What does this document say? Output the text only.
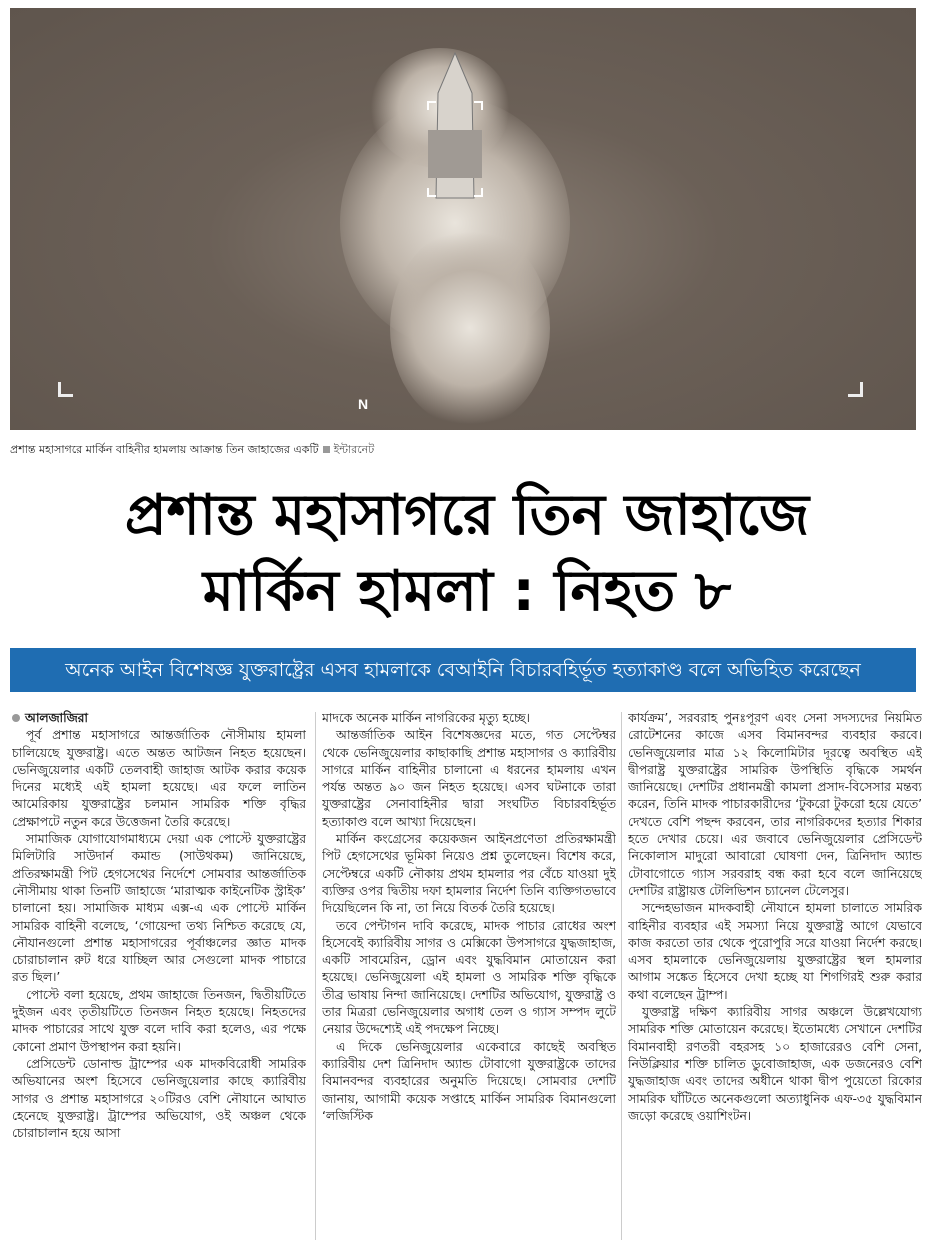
N
প্রশান্ত মহাসাগরে মার্কিন বাহিনীর হামলায় আক্রান্ত তিন জাহাজের একটি ইন্টারনেট
প্রশান্ত মহাসাগরে তিন জাহাজে
মার্কিন হামলা : নিহত ৮
অনেক আইন বিশেষজ্ঞ যুক্তরাষ্ট্রের এসব হামলাকে বেআইনি বিচারবহির্ভূত হত্যাকাণ্ড বলে অভিহিত করেছেন

আলজাজিরা

পূর্ব প্রশান্ত মহাসাগরে আন্তর্জাতিক নৌসীমায় হামলা চালিয়েছে যুক্তরাষ্ট্র। এতে অন্তত আটজন নিহত হয়েছেন। ভেনিজুয়েলার একটি তেলবাহী জাহাজ আটক করার কয়েক দিনের মধ্যেই এই হামলা হয়েছে। এর ফলে লাতিন আমেরিকায় যুক্তরাষ্ট্রের চলমান সামরিক শক্তি বৃদ্ধির প্রেক্ষাপটে নতুন করে উত্তেজনা তৈরি করেছে।

সামাজিক যোগাযোগমাধ্যমে দেয়া এক পোস্টে যুক্তরাষ্ট্রের মিলিটারি সাউদার্ন কমান্ড (সাউথকম) জানিয়েছে, প্রতিরক্ষামন্ত্রী পিট হেগসেথের নির্দেশে সোমবার আন্তর্জাতিক নৌসীমায় থাকা তিনটি জাহাজে ‘মারাত্মক কাইনেটিক স্ট্রাইক’ চালানো হয়। সামাজিক মাধ্যম এক্স-এ এক পোস্টে মার্কিন সামরিক বাহিনী বলেছে, ‘গোয়েন্দা তথ্য নিশ্চিত করেছে যে, নৌযানগুলো প্রশান্ত মহাসাগরের পূর্বাঞ্চলের জ্ঞাত মাদক চোরাচালান রুট ধরে যাচ্ছিল আর সেগুলো মাদক পাচারে রত ছিল।’

পোস্টে বলা হয়েছে, প্রথম জাহাজে তিনজন, দ্বিতীয়টিতে দুইজন এবং তৃতীয়টিতে তিনজন নিহত হয়েছে। নিহতদের মাদক পাচারের সাথে যুক্ত বলে দাবি করা হলেও, এর পক্ষে কোনো প্রমাণ উপস্থাপন করা হয়নি।

প্রেসিডেন্ট ডোনাল্ড ট্রাম্পের এক মাদকবিরোধী সামরিক অভিযানের অংশ হিসেবে ভেনিজুয়েলার কাছে ক্যারিবীয় সাগর ও প্রশান্ত মহাসাগরে ২০টিরও বেশি নৌযানে আঘাত হেনেছে যুক্তরাষ্ট্র। ট্রাম্পের অভিযোগ, ওই অঞ্চল থেকে চোরাচালান হয়ে আসা

মাদকে অনেক মার্কিন নাগরিকের মৃত্যু হচ্ছে।

আন্তর্জাতিক আইন বিশেষজ্ঞদের মতে, গত সেপ্টেম্বর থেকে ভেনিজুয়েলার কাছাকাছি প্রশান্ত মহাসাগর ও ক্যারিবীয় সাগরে মার্কিন বাহিনীর চালানো এ ধরনের হামলায় এখন পর্যন্ত অন্তত ৯০ জন নিহত হয়েছে। এসব ঘটনাকে তারা যুক্তরাষ্ট্রের সেনাবাহিনীর দ্বারা সংঘটিত বিচারবহির্ভূত হত্যাকাণ্ড বলে আখ্যা দিয়েছেন।

মার্কিন কংগ্রেসের কয়েকজন আইনপ্রণেতা প্রতিরক্ষামন্ত্রী পিট হেগসেথের ভূমিকা নিয়েও প্রশ্ন তুলেছেন। বিশেষ করে, সেপ্টেম্বরে একটি নৌকায় প্রথম হামলার পর বেঁচে যাওয়া দুই ব্যক্তির ওপর দ্বিতীয় দফা হামলার নির্দেশ তিনি ব্যক্তিগতভাবে দিয়েছিলেন কি না, তা নিয়ে বিতর্ক তৈরি হয়েছে।

তবে পেন্টাগন দাবি করেছে, মাদক পাচার রোধের অংশ হিসেবেই ক্যারিবীয় সাগর ও মেক্সিকো উপসাগরে যুদ্ধজাহাজ, একটি সাবমেরিন, ড্রোন এবং যুদ্ধবিমান মোতায়েন করা হয়েছে। ভেনিজুয়েলা এই হামলা ও সামরিক শক্তি বৃদ্ধিকে তীব্র ভাষায় নিন্দা জানিয়েছে। দেশটির অভিযোগ, যুক্তরাষ্ট্র ও তার মিত্ররা ভেনিজুয়েলার অগাধ তেল ও গ্যাস সম্পদ লুটে নেয়ার উদ্দেশ্যেই এই পদক্ষেপ নিচ্ছে।

এ দিকে ভেনিজুয়েলার একেবারে কাছেই অবস্থিত ক্যারিবীয় দেশ ত্রিনিদাদ অ্যান্ড টোবাগো যুক্তরাষ্ট্রকে তাদের বিমানবন্দর ব্যবহারের অনুমতি দিয়েছে। সোমবার দেশটি জানায়, আগামী কয়েক সপ্তাহে মার্কিন সামরিক বিমানগুলো ‘লজিস্টিক

কার্যক্রম’, সরবরাহ পুনঃপূরণ এবং সেনা সদস্যদের নিয়মিত রোটেশনের কাজে এসব বিমানবন্দর ব্যবহার করবে। ভেনিজুয়েলার মাত্র ১২ কিলোমিটার দূরত্বে অবস্থিত এই দ্বীপরাষ্ট্র যুক্তরাষ্ট্রের সামরিক উপস্থিতি বৃদ্ধিকে সমর্থন জানিয়েছে। দেশটির প্রধানমন্ত্রী কামলা প্রসাদ-বিসেসার মন্তব্য করেন, তিনি মাদক পাচারকারীদের ‘টুকরো টুকরো হয়ে যেতে’ দেখতে বেশি পছন্দ করবেন, তার নাগরিকদের হত্যার শিকার হতে দেখার চেয়ে। এর জবাবে ভেনিজুয়েলার প্রেসিডেন্ট নিকোলাস মাদুরো আবারো ঘোষণা দেন, ত্রিনিদাদ অ্যান্ড টোবাগোতে গ্যাস সরবরাহ বন্ধ করা হবে বলে জানিয়েছে দেশটির রাষ্ট্রায়ত্ত টেলিভিশন চ্যানেল টেলেসুর।

সন্দেহভাজন মাদকবাহী নৌযানে হামলা চালাতে সামরিক বাহিনীর ব্যবহার এই সমস্যা নিয়ে যুক্তরাষ্ট্র আগে যেভাবে কাজ করতো তার থেকে পুরোপুরি সরে যাওয়া নির্দেশ করছে। এসব হামলাকে ভেনিজুয়েলায় যুক্তরাষ্ট্রের স্থল হামলার আগাম সঙ্কেত হিসেবে দেখা হচ্ছে যা শিগগিরই শুরু করার কথা বলেছেন ট্রাম্প।

যুক্তরাষ্ট্র দক্ষিণ ক্যারিবীয় সাগর অঞ্চলে উল্লেখযোগ্য সামরিক শক্তি মোতায়েন করেছে। ইতোমধ্যে সেখানে দেশটির বিমানবাহী রণতরী বহরসহ ১০ হাজারেরও বেশি সেনা, নিউক্লিয়ার শক্তি চালিত ডুবোজাহাজ, এক ডজনেরও বেশি যুদ্ধজাহাজ এবং তাদের অধীনে থাকা দ্বীপ পুয়েতো রিকোর সামরিক ঘাঁটিতে অনেকগুলো অত্যাধুনিক এফ-৩৫ যুদ্ধবিমান জড়ো করেছে ওয়াশিংটন।
